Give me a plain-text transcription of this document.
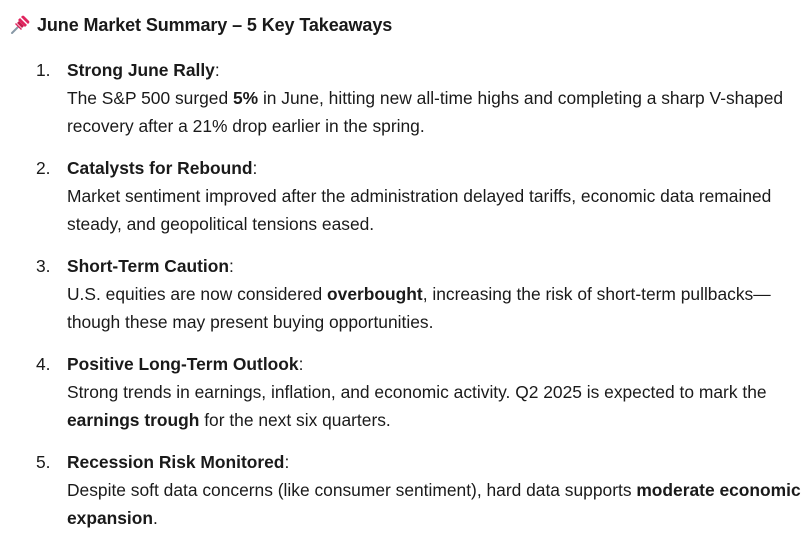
June Market Summary – 5 Key Takeaways
1. Strong June Rally:
The S&P 500 surged 5% in June, hitting new all-time highs and completing a sharp V-shaped recovery after a 21% drop earlier in the spring.
2. Catalysts for Rebound:
Market sentiment improved after the administration delayed tariffs, economic data remained steady, and geopolitical tensions eased.
3. Short-Term Caution:
U.S. equities are now considered overbought, increasing the risk of short-term pullbacks—though these may present buying opportunities.
4. Positive Long-Term Outlook:
Strong trends in earnings, inflation, and economic activity. Q2 2025 is expected to mark the earnings trough for the next six quarters.
5. Recession Risk Monitored:
Despite soft data concerns (like consumer sentiment), hard data supports moderate economic expansion.
